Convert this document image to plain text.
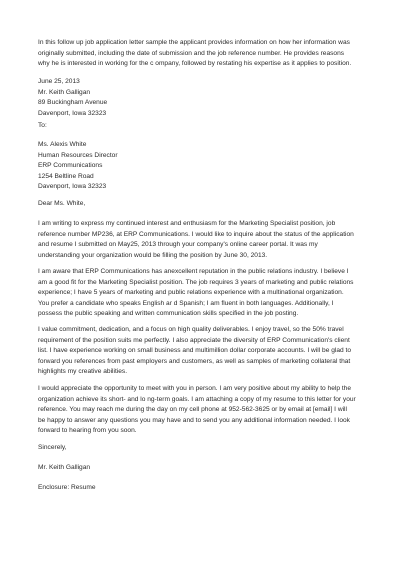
In this follow up job application letter sample the applicant provides information on how her information was
originally submitted, including the date of submission and the job reference number. He provides reasons
why he is interested in working for the c ompany, followed by restating his expertise as it applies to position.
June 25, 2013
Mr. Keith Galligan
89 Buckingham Avenue
Davenport, Iowa 32323
To:
Ms. Alexis White
Human Resources Director
ERP Communications
1254 Beltline Road
Davenport, Iowa 32323
Dear Ms. White,
I am writing to express my continued interest and enthusiasm for the Marketing Specialist position, job
reference number MP236, at ERP Communications. I would like to inquire about the status of the application
and resume I submitted on May25, 2013 through your company's online career portal. It was my
understanding your organization would be filling the position by June 30, 2013.
I am aware that ERP Communications has anexcellent reputation in the public relations industry. I believe I
am a good fit for the Marketing Specialist position. The job requires 3 years of marketing and public relations
experience; I have 5 years of marketing and public relations experience with a multinational organization.
You prefer a candidate who speaks English ar d Spanish; I am fluent in both languages. Additionally, I
possess the public speaking and written communication skills specified in the job posting.
I value commitment, dedication, and a focus on high quality deliverables. I enjoy travel, so the 50% travel
requirement of the position suits me perfectly. I also appreciate the diversity of ERP Communication's client
list. I have experience working on small business and multimillion dollar corporate accounts. I will be glad to
forward you references from past employers and customers, as well as samples of marketing collateral that
highlights my creative abilities.
I would appreciate the opportunity to meet with you in person. I am very positive about my ability to help the
organization achieve its short- and lo ng-term goals. I am attaching a copy of my resume to this letter for your
reference. You may reach me during the day on my cell phone at 952-562-3625 or by email at [email] I will
be happy to answer any questions you may have and to send you any additional information needed. I look
forward to hearing from you soon.
Sincerely,
Mr. Keith Galligan
Enclosure: Resume
